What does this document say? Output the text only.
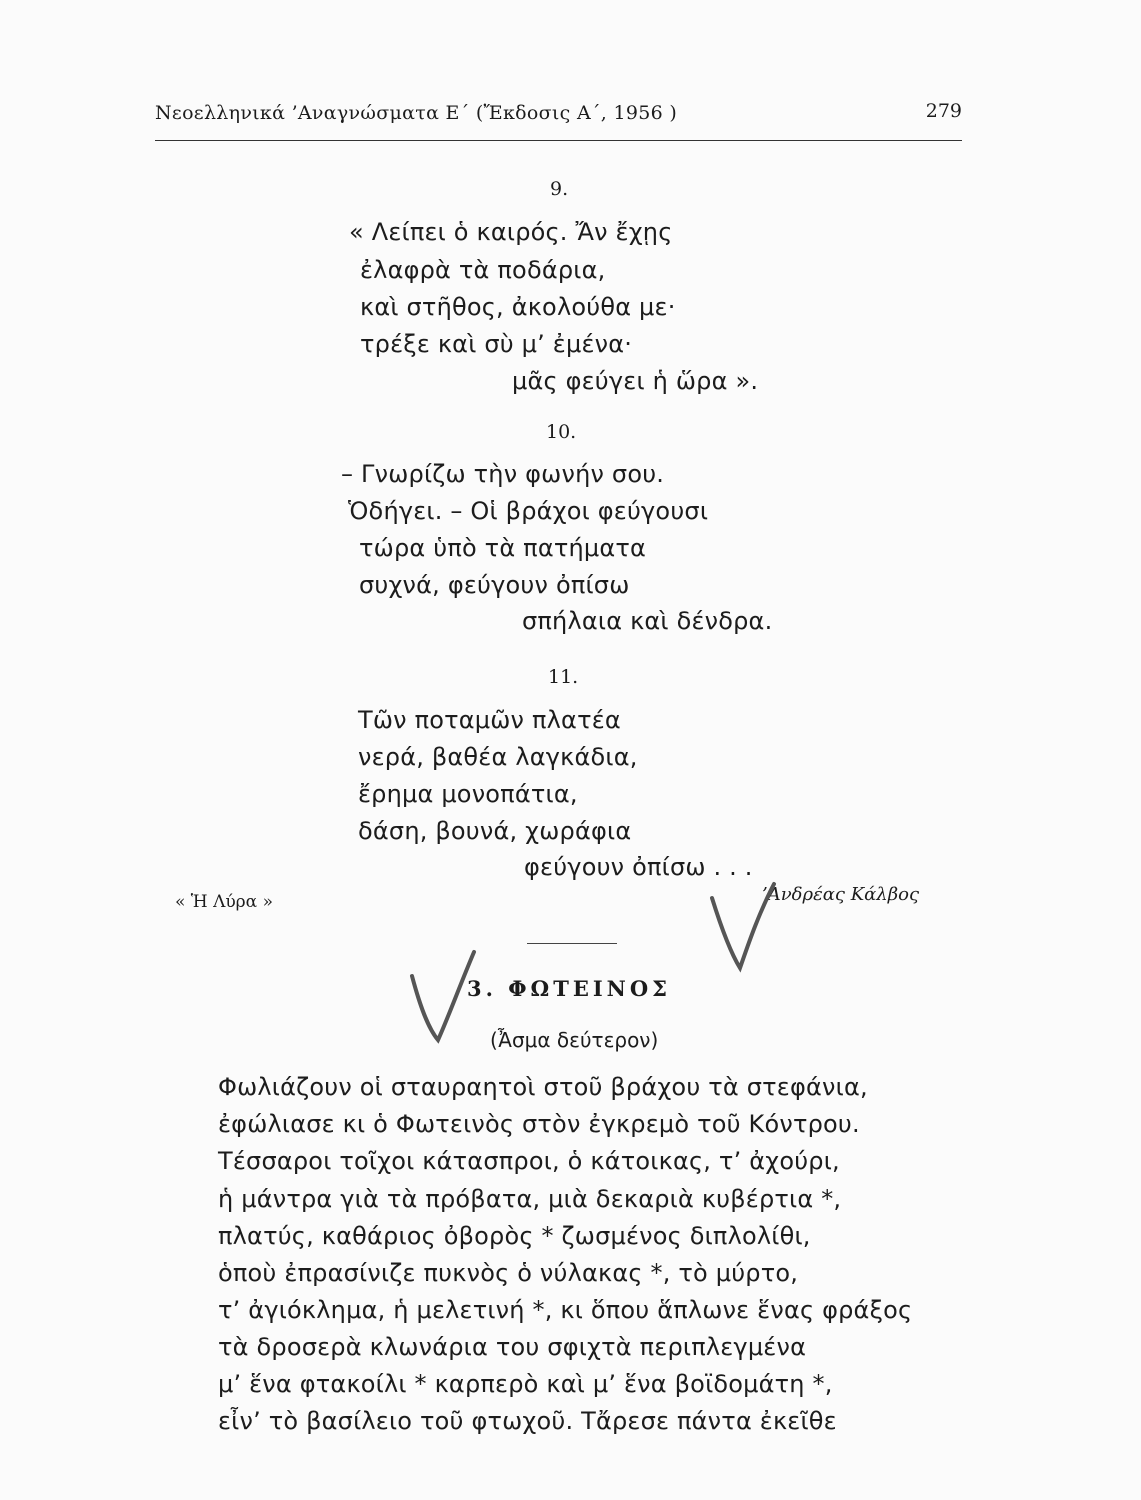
Νεοελληνικά ’Αναγνώσματα Ε΄ (Ἔκδοσις Α΄, 1956 )	279
9.
« Λείπει ὁ καιρός. Ἄν ἔχῃς
ἐλαφρὰ τὰ ποδάρια,
καὶ στῆθος, ἀκολούθα με·
τρέξε καὶ σὺ μ’ ἐμένα·
μᾶς φεύγει ἡ ὥρα ».
10.
– Γνωρίζω τὴν φωνήν σου.
Ὁδήγει. – Οἱ βράχοι φεύγουσι
τώρα ὑπὸ τὰ πατήματα
συχνά, φεύγουν ὀπίσω
σπήλαια καὶ δένδρα.
11.
Τῶν ποταμῶν πλατέα
νερά, βαθέα λαγκάδια,
ἔρημα μονοπάτια,
δάση, βουνά, χωράφια
φεύγουν ὀπίσω . . .
« Ἡ Λύρα »	’Ανδρέας Κάλβος
3. ΦΩΤΕΙΝΟΣ
(Ἆσμα δεύτερον)
Φωλιάζουν οἱ σταυραητοὶ στοῦ βράχου τὰ στεφάνια,
ἐφώλιασε κι ὁ Φωτεινὸς στὸν ἐγκρεμὸ τοῦ Κόντρου.
Τέσσαροι τοῖχοι κάτασπροι, ὁ κάτοικας, τ’ ἀχούρι,
ἡ μάντρα γιὰ τὰ πρόβατα, μιὰ δεκαριὰ κυβέρτια *,
πλατύς, καθάριος ὀβορὸς * ζωσμένος διπλολίθι,
ὁποὺ ἐπρασίνιζε πυκνὸς ὁ νύλακας *, τὸ μύρτο,
τ’ ἀγιόκλημα, ἡ μελετινή *, κι ὅπου ἅπλωνε ἕνας φράξος
τὰ δροσερὰ κλωνάρια του σφιχτὰ περιπλεγμένα
μ’ ἕνα φτακοίλι * καρπερὸ καὶ μ’ ἕνα βοϊδομάτη *,
εἶν’ τὸ βασίλειο τοῦ φτωχοῦ. Τἄρεσε πάντα ἐκεῖθε
